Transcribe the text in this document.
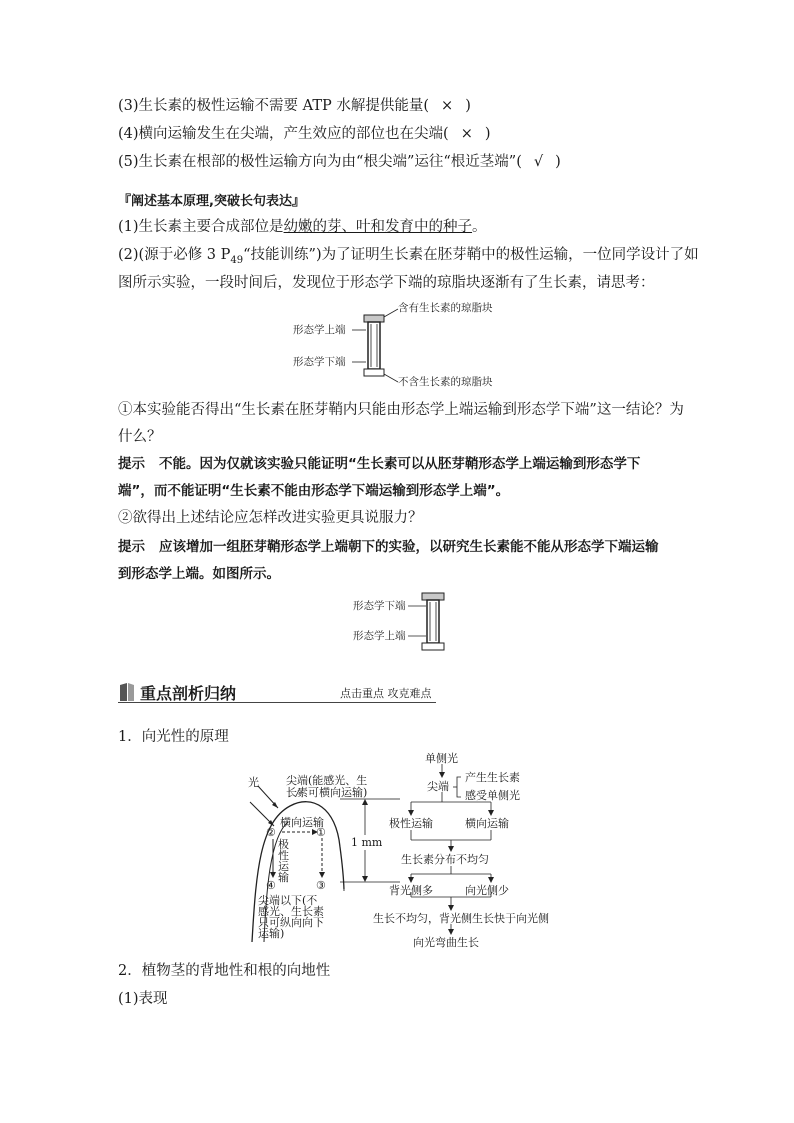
(3)生长素的极性运输不需要 ATP 水解提供能量( × )
(4)横向运输发生在尖端，产生效应的部位也在尖端( × )
(5)生长素在根部的极性运输方向为由“根尖端”运往“根近茎端”( √ )
『 阐述基本原理,突破长句表达 』
(1)生长素主要合成部位是幼嫩的芽、叶和发育中的种子。
(2)(源于必修 3 $P_{49}“$技能训练”)为了证明生长素在胚芽鞘中的极性运输，一位同学设计了如
图所示实验，一段时间后，发现位于形态学下端的琼脂块逐渐有了生长素，请思考：
含有生长素的琼脂块
形态学上端
形态学下端
不含生长素的琼脂块
①本实验能否得出“生长素在胚芽鞘内只能由形态学上端运输到形态学下端”这一结论？为
什么？
提示 不能。因为仅就该实验只能证明“生长素可以从胚芽鞘形态学上端运输到形态学下
端”，而不能证明“生长素不能由形态学下端运输到形态学上端”。
②欲得出上述结论应怎样改进实验更具说服力？
提示 应该增加一组胚芽鞘形态学上端朝下的实验，以研究生长素能不能从形态学下端运输
到形态学上端。如图所示。
形态学下端
形态学上端
重点剖析归纳	点击重点 攻克难点
1．向光性的原理
光 尖端(能感光、生
长素可横向运输)
横向运输
②	①
极
性
运
输
④	③
尖端以下(不
感光、生长素
只可纵向向下
运输)
1 mm
单侧光
尖端
产生生长素
感受单侧光
极性运输	横向运输
生长素分布不均匀
背光侧多	向光侧少
生长不均匀，背光侧生长快于向光侧
向光弯曲生长
2．植物茎的背地性和根的向地性
(1)表现
